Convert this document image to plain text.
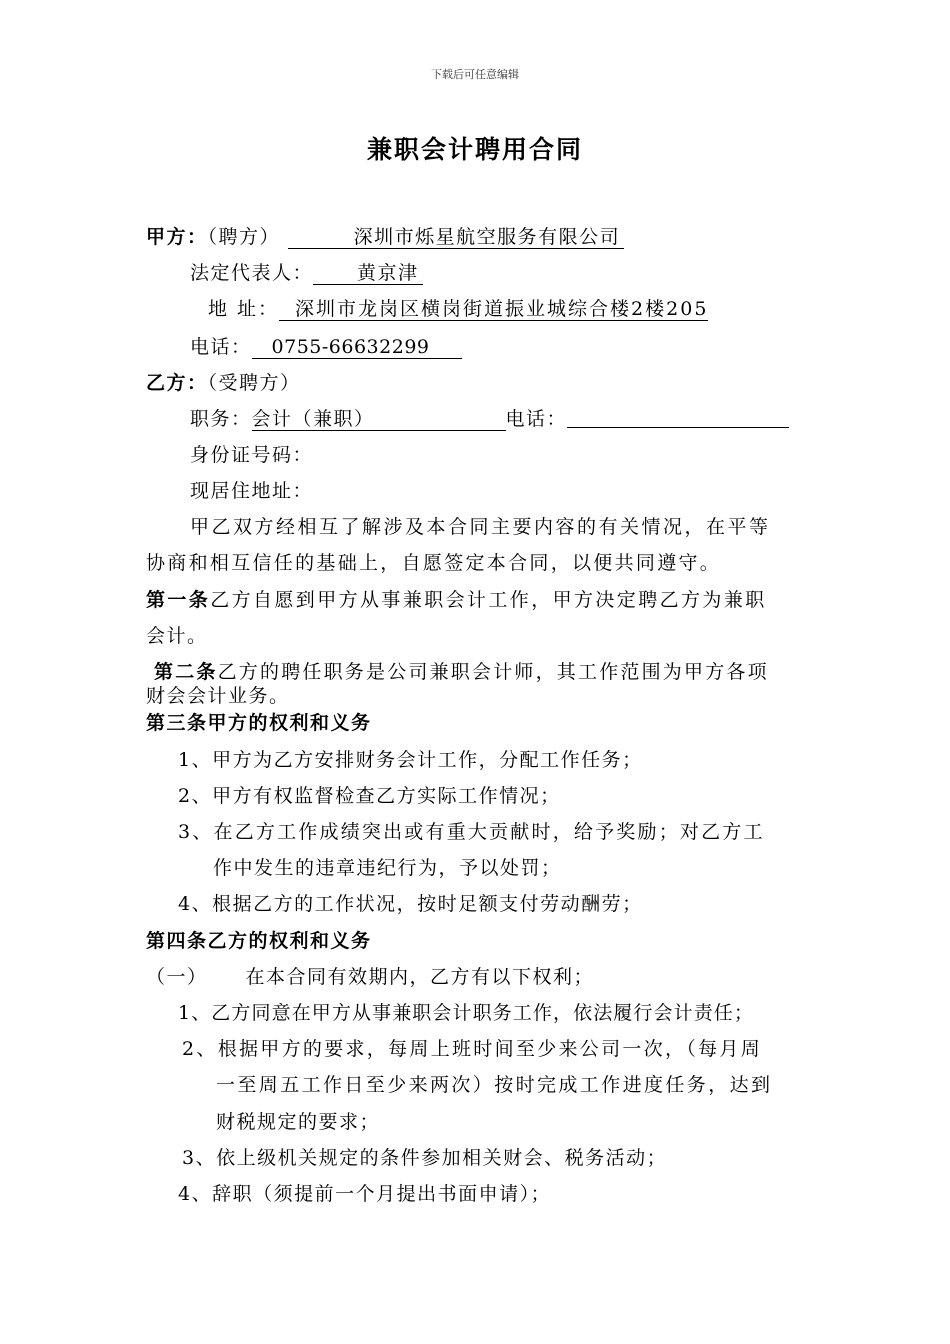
下载后可任意编辑
兼职会计聘用合同
甲方：（聘方）	深圳市烁星航空服务有限公司
法定代表人： 黄京津
地 址： 深圳市龙岗区横岗街道振业城综合楼2楼205
电话： 0755-66632299
乙方：（受聘方）
职务：会计（兼职）	电话：
身份证号码：
现居住地址：
甲乙双方经相互了解涉及本合同主要内容的有关情况，在平等
协商和相互信任的基础上，自愿签定本合同，以便共同遵守。
第一条乙方自愿到甲方从事兼职会计工作，甲方决定聘乙方为兼职
会计。
第二条乙方的聘任职务是公司兼职会计师，其工作范围为甲方各项
财会会计业务。
第三条甲方的权利和义务
1、甲方为乙方安排财务会计工作，分配工作任务；
2、甲方有权监督检查乙方实际工作情况；
3、在乙方工作成绩突出或有重大贡献时，给予奖励；对乙方工
作中发生的违章违纪行为，予以处罚；
4、根据乙方的工作状况，按时足额支付劳动酬劳；
第四条乙方的权利和义务
（一） 在本合同有效期内，乙方有以下权利；
1、乙方同意在甲方从事兼职会计职务工作，依法履行会计责任；
2、根据甲方的要求，每周上班时间至少来公司一次，（每月周
一至周五工作日至少来两次）按时完成工作进度任务，达到
财税规定的要求；
3、依上级机关规定的条件参加相关财会、税务活动；
4、辞职（须提前一个月提出书面申请）；
